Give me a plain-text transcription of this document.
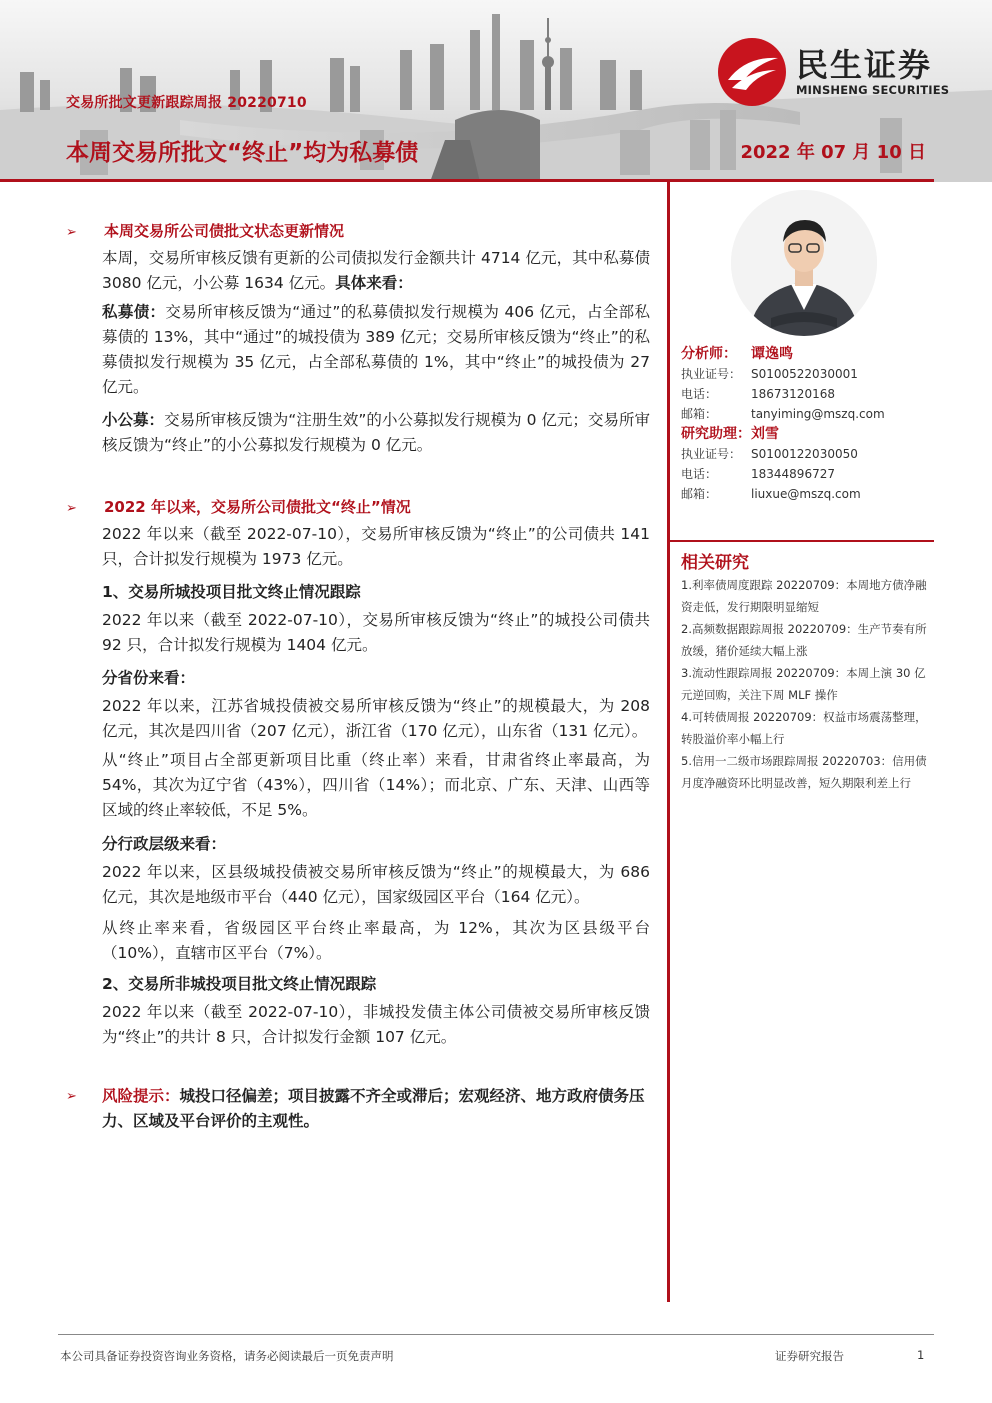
民生证券
MINSHENG SECURITIES
交易所批文更新跟踪周报 20220710
本周交易所批文“终止”均为私募债	2022 年 07 月 10 日
➢ 本周交易所公司债批文状态更新情况
本周，交易所审核反馈有更新的公司债拟发行金额共计 4714 亿元，其中私募债 3080 亿元，小公募 1634 亿元。具体来看：
私募债：交易所审核反馈为“通过”的私募债拟发行规模为 406 亿元，占全部私募债的 13%，其中“通过”的城投债为 389 亿元；交易所审核反馈为“终止”的私募债拟发行规模为 35 亿元，占全部私募债的 1%，其中“终止”的城投债为 27 亿元。
小公募：交易所审核反馈为“注册生效”的小公募拟发行规模为 0 亿元；交易所审核反馈为“终止”的小公募拟发行规模为 0 亿元。
➢ 2022 年以来，交易所公司债批文“终止”情况
2022 年以来（截至 2022-07-10），交易所审核反馈为“终止”的公司债共 141 只，合计拟发行规模为 1973 亿元。
1、交易所城投项目批文终止情况跟踪
2022 年以来（截至 2022-07-10），交易所审核反馈为“终止”的城投公司债共 92 只，合计拟发行规模为 1404 亿元。
分省份来看：
2022 年以来，江苏省城投债被交易所审核反馈为“终止”的规模最大，为 208 亿元，其次是四川省（207 亿元），浙江省（170 亿元），山东省（131 亿元）。
从“终止”项目占全部更新项目比重（终止率）来看，甘肃省终止率最高，为 54%，其次为辽宁省（43%），四川省（14%）；而北京、广东、天津、山西等区域的终止率较低，不足 5%。
分行政层级来看：
2022 年以来，区县级城投债被交易所审核反馈为“终止”的规模最大，为 686 亿元，其次是地级市平台（440 亿元），国家级园区平台（164 亿元）。
从终止率来看，省级园区平台终止率最高，为 12%，其次为区县级平台（10%），直辖市区平台（7%）。
2、交易所非城投项目批文终止情况跟踪
2022 年以来（截至 2022-07-10），非城投发债主体公司债被交易所审核反馈为“终止”的共计 8 只，合计拟发行金额 107 亿元。
➢	风险提示：城投口径偏差；项目披露不齐全或滞后；宏观经济、地方政府债务压力、区域及平台评价的主观性。
分析师： 谭逸鸣
执业证号： S0100522030001
电话：	18673120168
邮箱：	tanyiming@mszq.com
研究助理：刘雪
执业证号： S0100122030050
电话：	18344896727
邮箱：	liuxue@mszq.com
相关研究

1.利率债周度跟踪 20220709：本周地方债净融资走低，发行期限明显缩短

2.高频数据跟踪周报 20220709：生产节奏有所放缓，猪价延续大幅上涨

3.流动性跟踪周报 20220709：本周上演 30 亿元逆回购，关注下周 MLF 操作

4.可转债周报 20220709：权益市场震荡整理，转股溢价率小幅上行

5.信用一二级市场跟踪周报 20220703：信用债月度净融资环比明显改善，短久期限利差上行

本公司具备证券投资咨询业务资格，请务必阅读最后一页免责声明	证券研究报告	1
